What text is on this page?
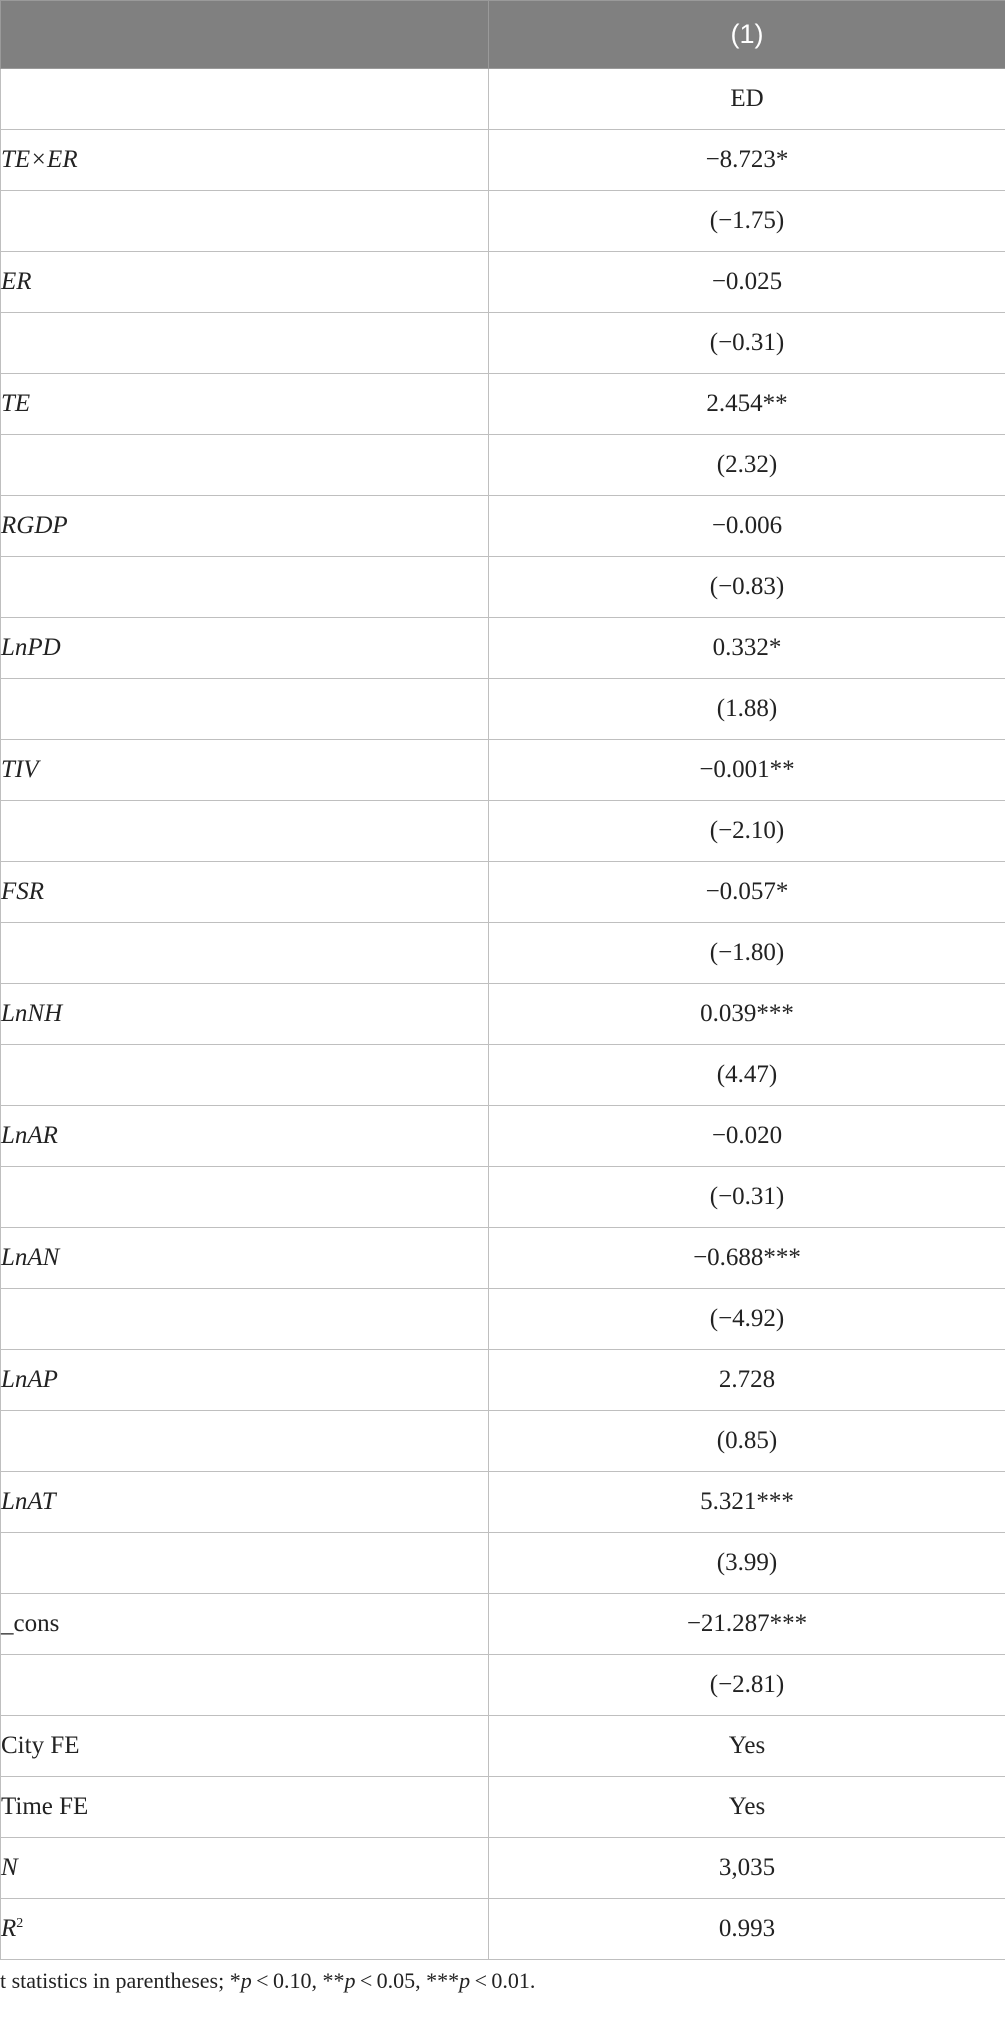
	(1)
	ED
TE×ER	−8.723*
	(−1.75)
ER	−0.025
	(−0.31)
TE	2.454**
	(2.32)
RGDP	−0.006
	(−0.83)
LnPD	0.332*
	(1.88)
TIV	−0.001**
	(−2.10)
FSR	−0.057*
	(−1.80)
LnNH	0.039***
	(4.47)
LnAR	−0.020
	(−0.31)
LnAN	−0.688***
	(−4.92)
LnAP	2.728
	(0.85)
LnAT	5.321***
	(3.99)
_cons	−21.287***
	(−2.81)
City FE	Yes
Time FE	Yes
N	3,035
$R^2$	0.993
t statistics in parentheses; *p < 0.10, **p < 0.05, ***p < 0.01.
